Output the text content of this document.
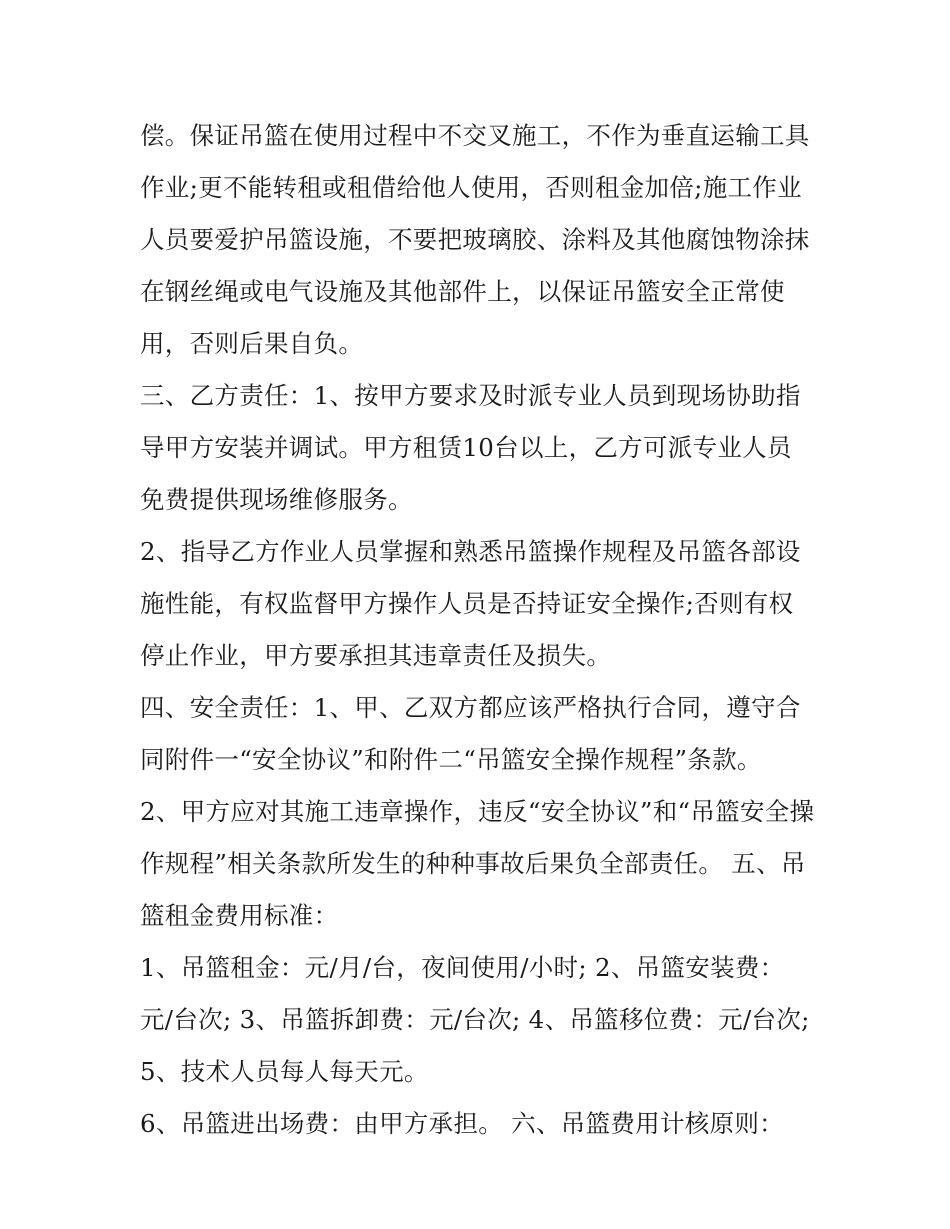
偿。保证吊篮在使用过程中不交叉施工，不作为垂直运输工具
作业;更不能转租或租借给他人使用，否则租金加倍;施工作业
人员要爱护吊篮设施，不要把玻璃胶、涂料及其他腐蚀物涂抹
在钢丝绳或电气设施及其他部件上，以保证吊篮安全正常使
用，否则后果自负。
三、乙方责任：1、按甲方要求及时派专业人员到现场协助指
导甲方安装并调试。甲方租赁10台以上，乙方可派专业人员
免费提供现场维修服务。
2、指导乙方作业人员掌握和熟悉吊篮操作规程及吊篮各部设
施性能，有权监督甲方操作人员是否持证安全操作;否则有权
停止作业，甲方要承担其违章责任及损失。
四、安全责任：1、甲、乙双方都应该严格执行合同，遵守合
同附件一“安全协议”和附件二“吊篮安全操作规程”条款。
2、甲方应对其施工违章操作，违反“安全协议”和“吊篮安全操
作规程”相关条款所发生的种种事故后果负全部责任。 五、吊
篮租金费用标准：
1、吊篮租金：元/月/台，夜间使用/小时; 2、吊篮安装费：
元/台次; 3、吊篮拆卸费：元/台次; 4、吊篮移位费：元/台次;
5、技术人员每人每天元。
6、吊篮进出场费：由甲方承担。 六、吊篮费用计核原则：
